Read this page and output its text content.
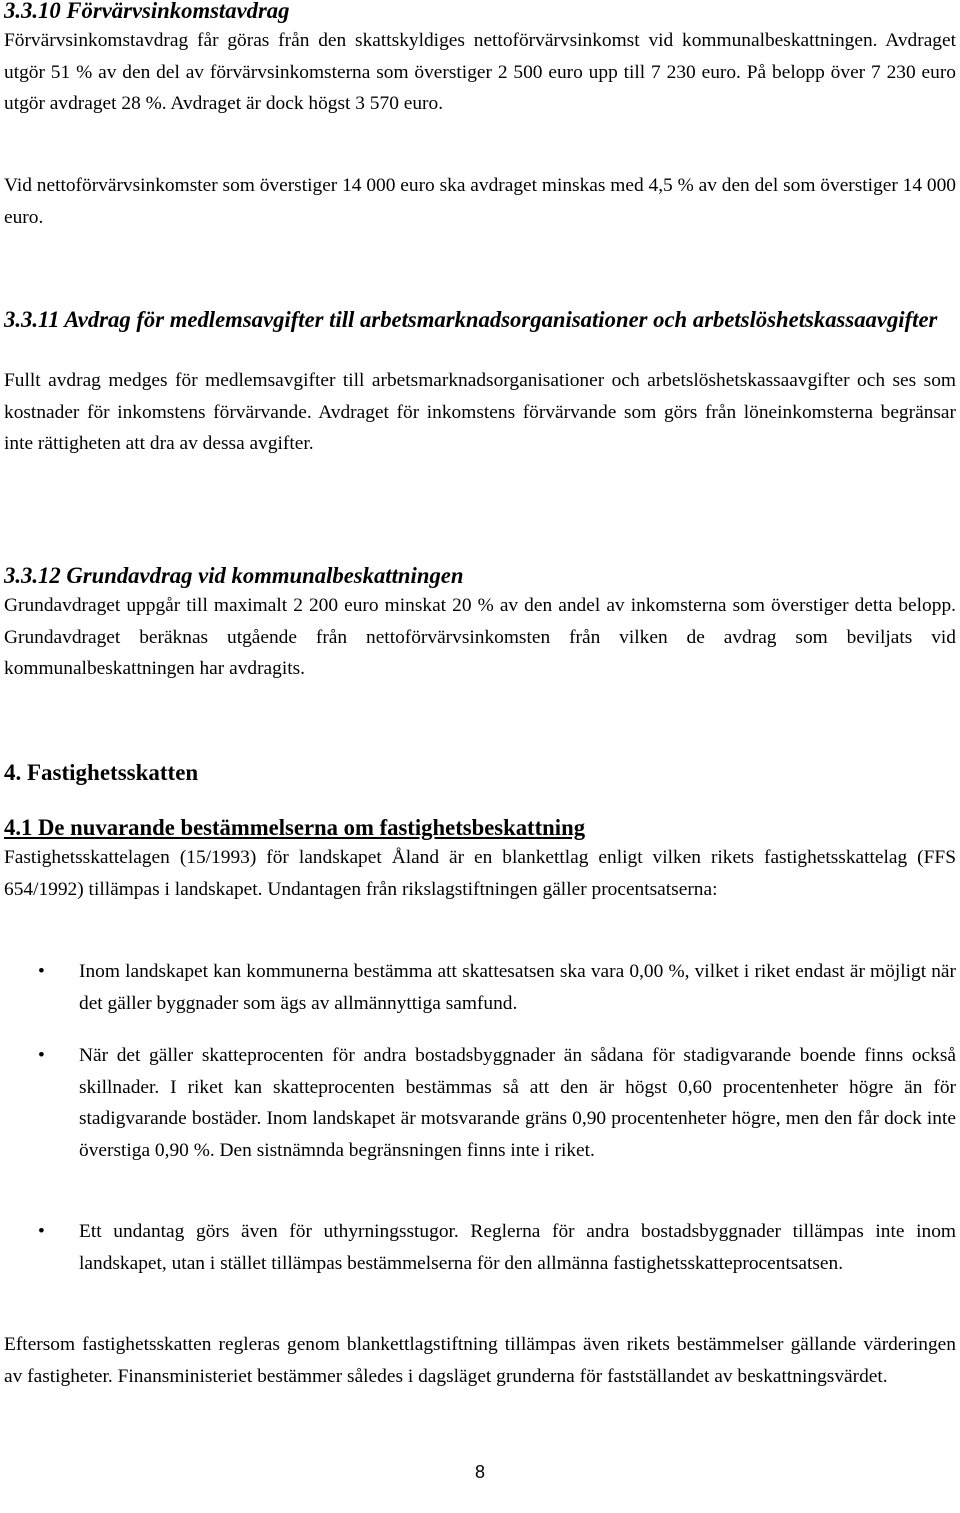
3.3.10 Förvärvsinkomstavdrag

Förvärvsinkomstavdrag får göras från den skattskyldiges nettoförvärvsinkomst vid kommunalbeskattningen. Avdraget utgör 51 % av den del av förvärvsinkomsterna som överstiger 2 500 euro upp till 7 230 euro. På belopp över 7 230 euro utgör avdraget 28 %. Avdraget är dock högst 3 570 euro.

Vid nettoförvärvsinkomster som överstiger 14 000 euro ska avdraget minskas med 4,5 % av den del som överstiger 14 000 euro.

3.3.11 Avdrag för medlemsavgifter till arbetsmarknadsorganisationer och arbetslöshetskassaavgifter

Fullt avdrag medges för medlemsavgifter till arbetsmarknadsorganisationer och arbetslöshetskassaavgifter och ses som kostnader för inkomstens förvärvande. Avdraget för inkomstens förvärvande som görs från löneinkomsterna begränsar inte rättigheten att dra av dessa avgifter.

3.3.12 Grundavdrag vid kommunalbeskattningen

Grundavdraget uppgår till maximalt 2 200 euro minskat 20 % av den andel av inkomsterna som överstiger detta belopp. Grundavdraget beräknas utgående från nettoförvärvsinkomsten från vilken de avdrag som beviljats vid kommunalbeskattningen har avdragits.

4. Fastighetsskatten
4.1 De nuvarande bestämmelserna om fastighetsbeskattning

Fastighetsskattelagen (15/1993) för landskapet Åland är en blankettlag enligt vilken rikets fastighetsskattelag (FFS 654/1992) tillämpas i landskapet. Undantagen från rikslagstiftningen gäller procentsatserna:

• Inom landskapet kan kommunerna bestämma att skattesatsen ska vara 0,00 %, vilket i riket endast är möjligt när det gäller byggnader som ägs av allmännyttiga samfund.

• När det gäller skatteprocenten för andra bostadsbyggnader än sådana för stadigvarande boende finns också skillnader. I riket kan skatteprocenten bestämmas så att den är högst 0,60 procentenheter högre än för stadigvarande bostäder. Inom landskapet är motsvarande gräns 0,90 procentenheter högre, men den får dock inte överstiga 0,90 %. Den sistnämnda begränsningen finns inte i riket.

• Ett undantag görs även för uthyrningsstugor. Reglerna för andra bostadsbyggnader tillämpas inte inom landskapet, utan i stället tillämpas bestämmelserna för den allmänna fastighetsskatteprocentsatsen.

Eftersom fastighetsskatten regleras genom blankettlagstiftning tillämpas även rikets bestämmelser gällande värderingen av fastigheter. Finansministeriet bestämmer således i dagsläget grunderna för fastställandet av beskattningsvärdet.

8
